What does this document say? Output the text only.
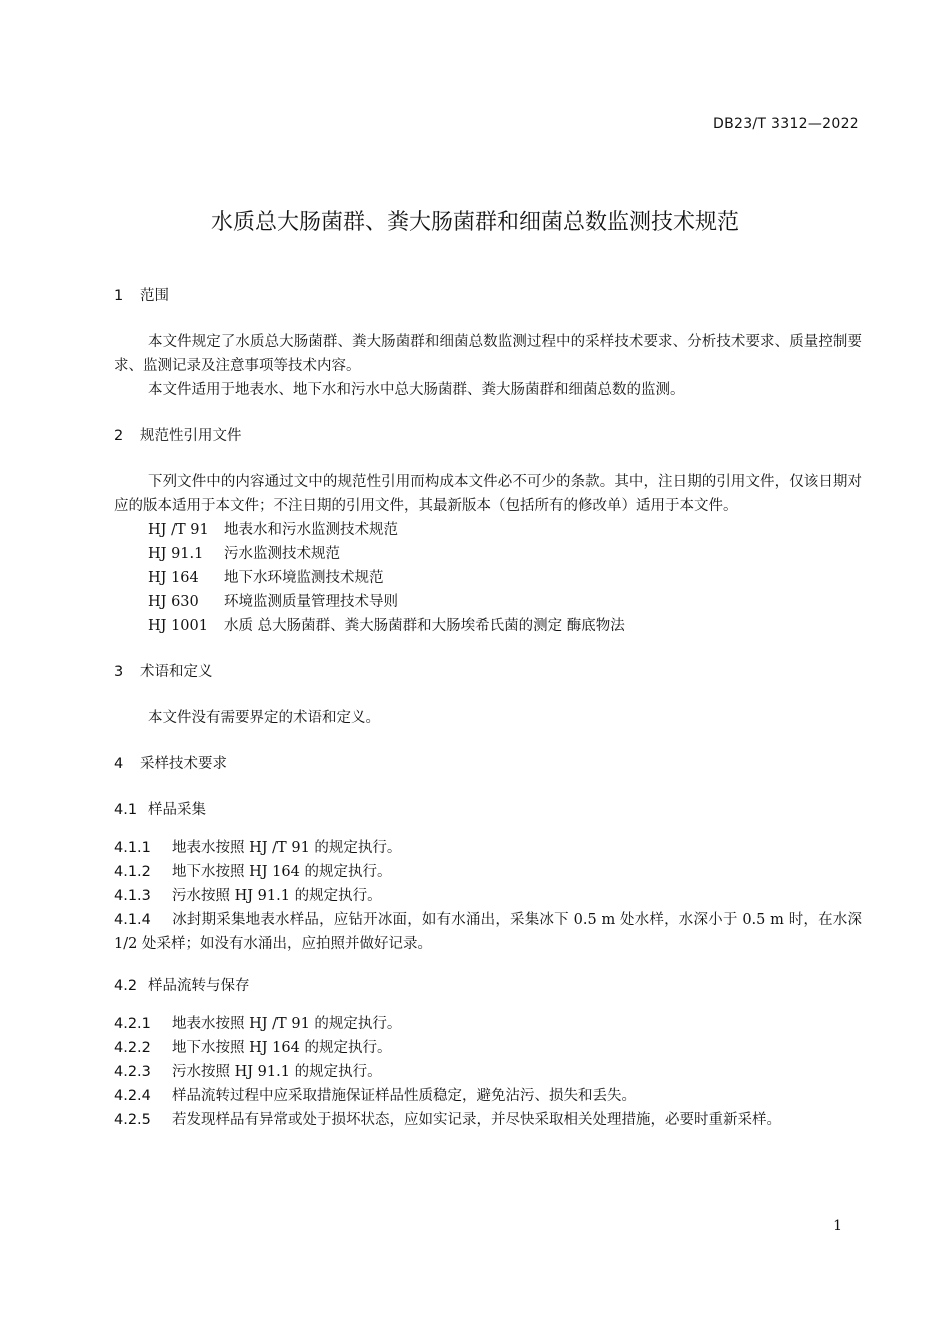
DB23/T 3312—2022
水质总大肠菌群、粪大肠菌群和细菌总数监测技术规范
1 范围

本文件规定了水质总大肠菌群、粪大肠菌群和细菌总数监测过程中的采样技术要求、分析技术要求、质量控制要求、监测记录及注意事项等技术内容。

本文件适用于地表水、地下水和污水中总大肠菌群、粪大肠菌群和细菌总数的监测。

2 规范性引用文件

下列文件中的内容通过文中的规范性引用而构成本文件必不可少的条款。其中，注日期的引用文件，仅该日期对应的版本适用于本文件；不注日期的引用文件，其最新版本（包括所有的修改单）适用于本文件。

HJ /T 91 地表水和污水监测技术规范

HJ 91.1 污水监测技术规范

HJ 164 地下水环境监测技术规范

HJ 630 环境监测质量管理技术导则

HJ 1001 水质 总大肠菌群、粪大肠菌群和大肠埃希氏菌的测定 酶底物法

3 术语和定义

本文件没有需要界定的术语和定义。

4 采样技术要求
4.1 样品采集

4.1.1 地表水按照 HJ /T 91 的规定执行。

4.1.2 地下水按照 HJ 164 的规定执行。

4.1.3 污水按照 HJ 91.1 的规定执行。

4.1.4 冰封期采集地表水样品，应钻开冰面，如有水涌出，采集冰下 0.5 m 处水样，水深小于 0.5 m 时，在水深 1/2 处采样；如没有水涌出，应拍照并做好记录。

4.2 样品流转与保存

4.2.1 地表水按照 HJ /T 91 的规定执行。

4.2.2 地下水按照 HJ 164 的规定执行。

4.2.3 污水按照 HJ 91.1 的规定执行。

4.2.4 样品流转过程中应采取措施保证样品性质稳定，避免沾污、损失和丢失。

4.2.5 若发现样品有异常或处于损坏状态，应如实记录，并尽快采取相关处理措施，必要时重新采样。

1
